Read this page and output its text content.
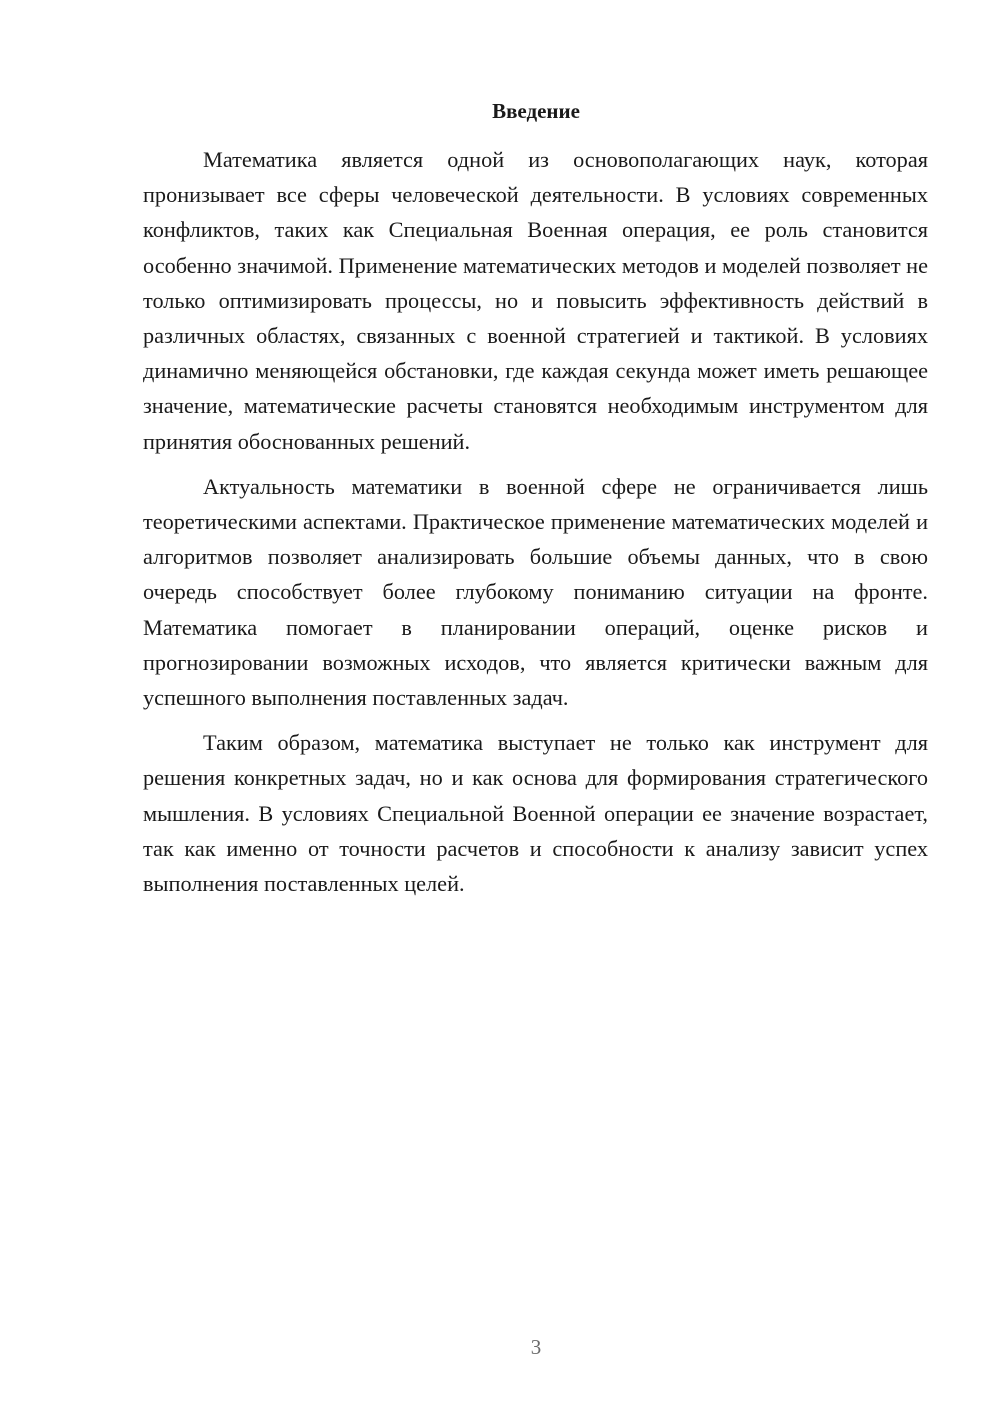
Введение

Математика является одной из основополагающих наук, которая пронизывает все сферы человеческой деятельности. В условиях современных конфликтов, таких как Специальная Военная операция, ее роль становится особенно значимой. Применение математических методов и моделей позволяет не только оптимизировать процессы, но и повысить эффективность действий в различных областях, связанных с военной стратегией и тактикой. В условиях динамично меняющейся обстановки, где каждая секунда может иметь решающее значение, математические расчеты становятся необходимым инструментом для принятия обоснованных решений.

Актуальность математики в военной сфере не ограничивается лишь теоретическими аспектами. Практическое применение математических моделей и алгоритмов позволяет анализировать большие объемы данных, что в свою очередь способствует более глубокому пониманию ситуации на фронте. Математика помогает в планировании операций, оценке рисков и прогнозировании возможных исходов, что является критически важным для успешного выполнения поставленных задач.

Таким образом, математика выступает не только как инструмент для решения конкретных задач, но и как основа для формирования стратегического мышления. В условиях Специальной Военной операции ее значение возрастает, так как именно от точности расчетов и способности к анализу зависит успех выполнения поставленных целей.

3
